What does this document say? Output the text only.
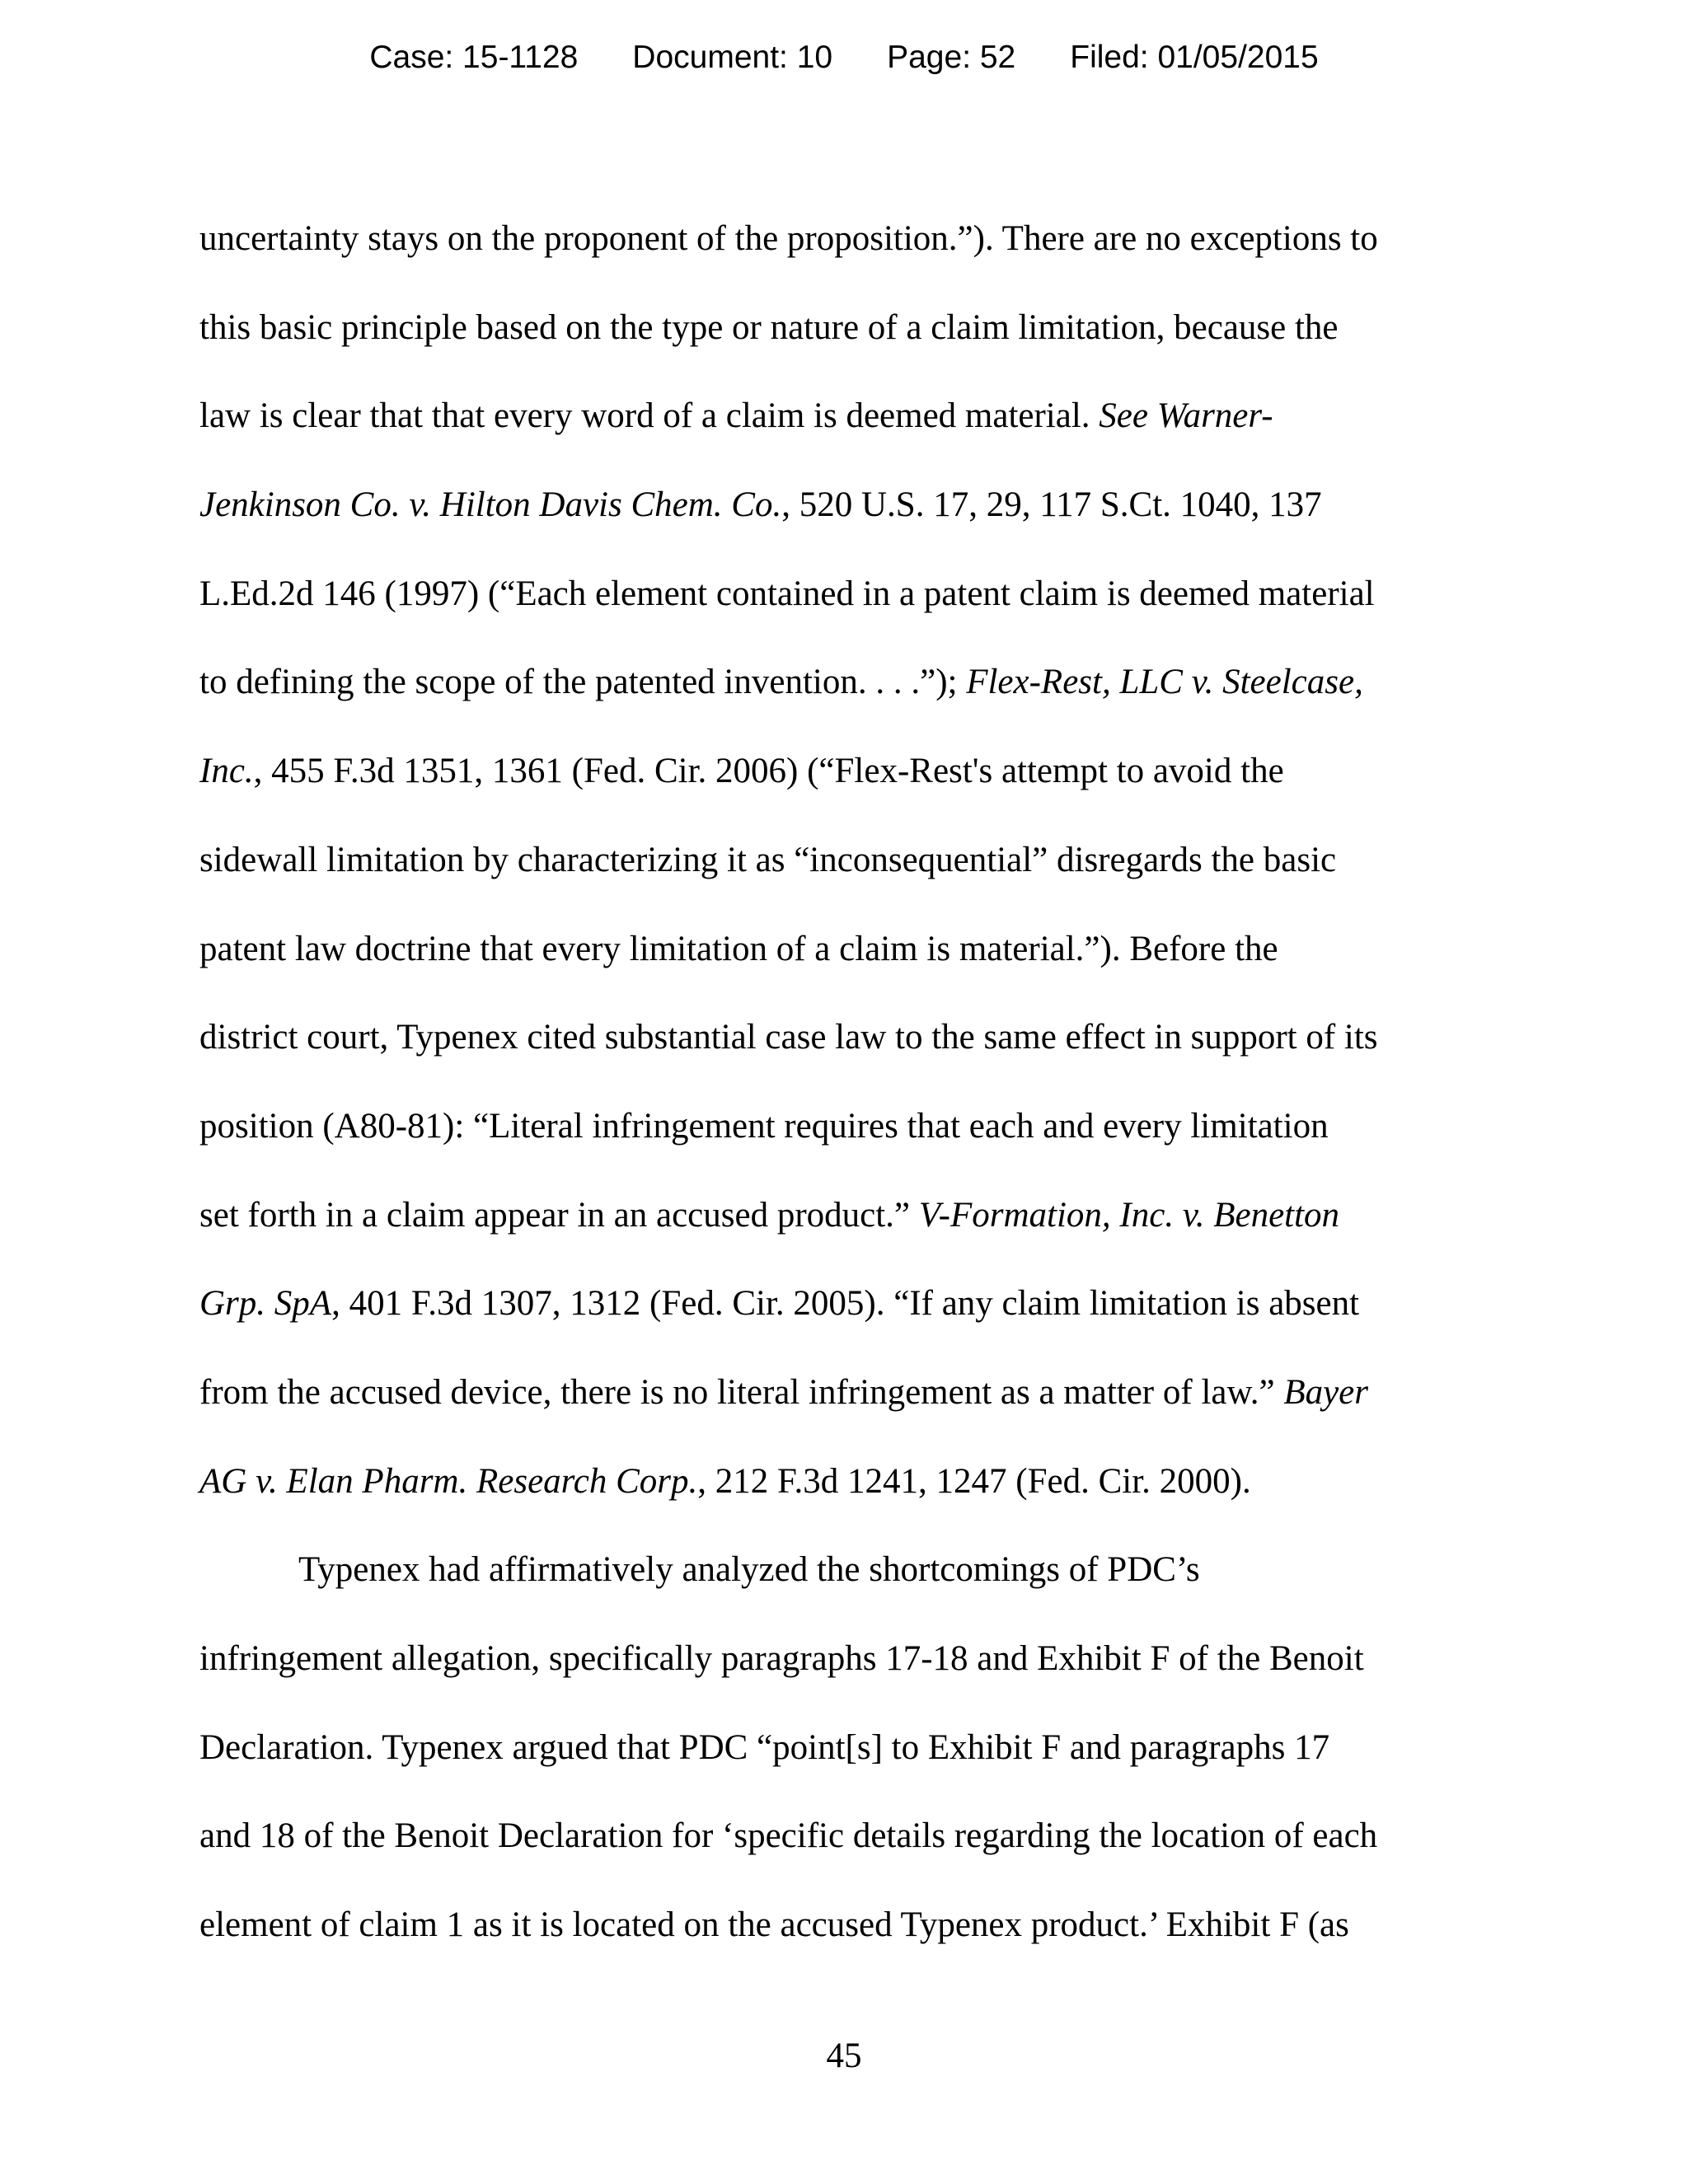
Case: 15-1128 Document: 10 Page: 52 Filed: 01/05/2015
uncertainty stays on the proponent of the proposition.”). There are no exceptions to
this basic principle based on the type or nature of a claim limitation, because the
law is clear that that every word of a claim is deemed material. See Warner-
Jenkinson Co. v. Hilton Davis Chem. Co., 520 U.S. 17, 29, 117 S.Ct. 1040, 137
L.Ed.2d 146 (1997) (“Each element contained in a patent claim is deemed material
to defining the scope of the patented invention. . . .”); Flex-Rest, LLC v. Steelcase,
Inc., 455 F.3d 1351, 1361 (Fed. Cir. 2006) (“Flex-Rest's attempt to avoid the
sidewall limitation by characterizing it as “inconsequential” disregards the basic
patent law doctrine that every limitation of a claim is material.”). Before the
district court, Typenex cited substantial case law to the same effect in support of its
position (A80-81): “Literal infringement requires that each and every limitation
set forth in a claim appear in an accused product.” V-Formation, Inc. v. Benetton
Grp. SpA, 401 F.3d 1307, 1312 (Fed. Cir. 2005). “If any claim limitation is absent
from the accused device, there is no literal infringement as a matter of law.” Bayer
AG v. Elan Pharm. Research Corp., 212 F.3d 1241, 1247 (Fed. Cir. 2000).
Typenex had affirmatively analyzed the shortcomings of PDC’s
infringement allegation, specifically paragraphs 17-18 and Exhibit F of the Benoit
Declaration. Typenex argued that PDC “point[s] to Exhibit F and paragraphs 17
and 18 of the Benoit Declaration for ‘specific details regarding the location of each
element of claim 1 as it is located on the accused Typenex product.’ Exhibit F (as
45
